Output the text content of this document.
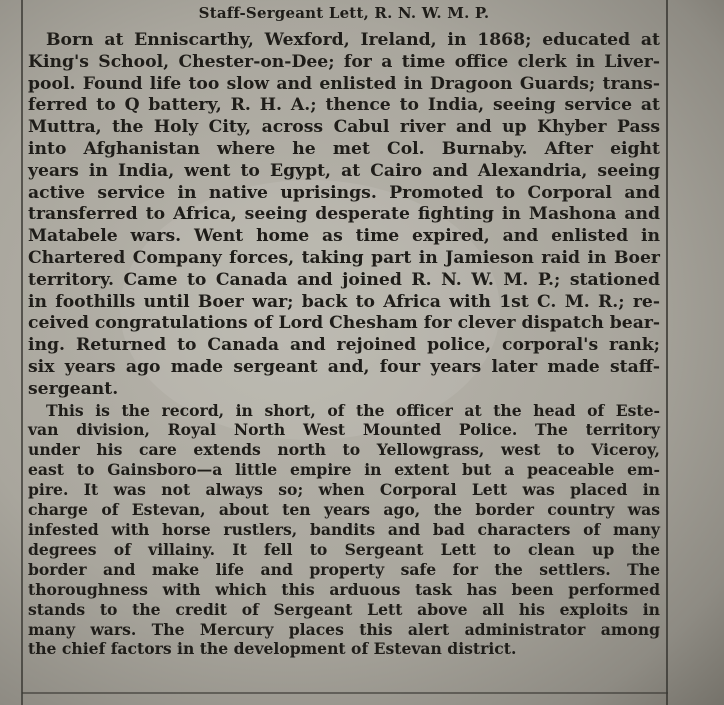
Staff-Sergeant Lett, R. N. W. M. P.
Born at Enniscarthy, Wexford, Ireland, in 1868; educated at
King's School, Chester-on-Dee; for a time office clerk in Liver-
pool. Found life too slow and enlisted in Dragoon Guards; trans-
ferred to Q battery, R. H. A.; thence to India, seeing service at
Muttra, the Holy City, across Cabul river and up Khyber Pass
into Afghanistan where he met Col. Burnaby. After eight
years in India, went to Egypt, at Cairo and Alexandria, seeing
active service in native uprisings. Promoted to Corporal and
transferred to Africa, seeing desperate fighting in Mashona and
Matabele wars. Went home as time expired, and enlisted in
Chartered Company forces, taking part in Jamieson raid in Boer
territory. Came to Canada and joined R. N. W. M. P.; stationed
in foothills until Boer war; back to Africa with 1st C. M. R.; re-
ceived congratulations of Lord Chesham for clever dispatch bear-
ing. Returned to Canada and rejoined police, corporal's rank;
six years ago made sergeant and, four years later made staff-
sergeant.
This is the record, in short, of the officer at the head of Este-
van division, Royal North West Mounted Police. The territory
under his care extends north to Yellowgrass, west to Viceroy,
east to Gainsboro—a little empire in extent but a peaceable em-
pire. It was not always so; when Corporal Lett was placed in
charge of Estevan, about ten years ago, the border country was
infested with horse rustlers, bandits and bad characters of many
degrees of villainy. It fell to Sergeant Lett to clean up the
border and make life and property safe for the settlers. The
thoroughness with which this arduous task has been performed
stands to the credit of Sergeant Lett above all his exploits in
many wars. The Mercury places this alert administrator among
the chief factors in the development of Estevan district.
